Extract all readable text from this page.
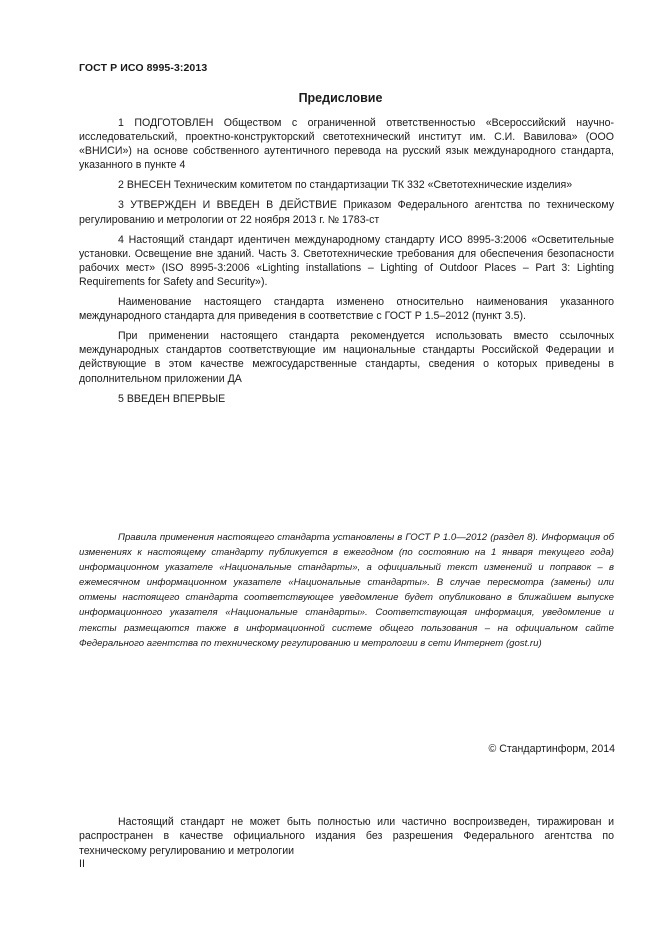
ГОСТ Р ИСО 8995-3:2013
Предисловие

1 ПОДГОТОВЛЕН Обществом с ограниченной ответственностью «Всероссийский научно-исследовательский, проектно-конструкторский светотехнический институт им. С.И. Вавилова» (ООО «ВНИСИ») на основе собственного аутентичного перевода на русский язык международного стандарта, указанного в пункте 4

2 ВНЕСЕН Техническим комитетом по стандартизации ТК 332 «Светотехнические изделия»

3 УТВЕРЖДЕН И ВВЕДЕН В ДЕЙСТВИЕ Приказом Федерального агентства по техническому регулированию и метрологии от 22 ноября 2013 г. № 1783-ст

4 Настоящий стандарт идентичен международному стандарту ИСО 8995-3:2006 «Осветительные установки. Освещение вне зданий. Часть 3. Светотехнические требования для обеспечения безопасности рабочих мест» (ISO 8995-3:2006 «Lighting installations – Lighting of Outdoor Places – Part 3: Lighting Requirements for Safety and Security»).

Наименование настоящего стандарта изменено относительно наименования указанного международного стандарта для приведения в соответствие с ГОСТ Р 1.5–2012 (пункт 3.5).

При применении настоящего стандарта рекомендуется использовать вместо ссылочных международных стандартов соответствующие им национальные стандарты Российской Федерации и действующие в этом качестве межгосударственные стандарты, сведения о которых приведены в дополнительном приложении ДА

5 ВВЕДЕН ВПЕРВЫЕ

Правила применения настоящего стандарта установлены в ГОСТ Р 1.0—2012 (раздел 8). Информация об изменениях к настоящему стандарту публикуется в ежегодном (по состоянию на 1 января текущего года) информационном указателе «Национальные стандарты», а официальный текст изменений и поправок – в ежемесячном информационном указателе «Национальные стандарты». В случае пересмотра (замены) или отмены настоящего стандарта соответствующее уведомление будет опубликовано в ближайшем выпуске информационного указателя «Национальные стандарты». Соответствующая информация, уведомление и тексты размещаются также в информационной системе общего пользования – на официальном сайте Федерального агентства по техническому регулированию и метрологии в сети Интернет (gost.ru)

© Стандартинформ, 2014

Настоящий стандарт не может быть полностью или частично воспроизведен, тиражирован и распространен в качестве официального издания без разрешения Федерального агентства по техническому регулированию и метрологии

II
